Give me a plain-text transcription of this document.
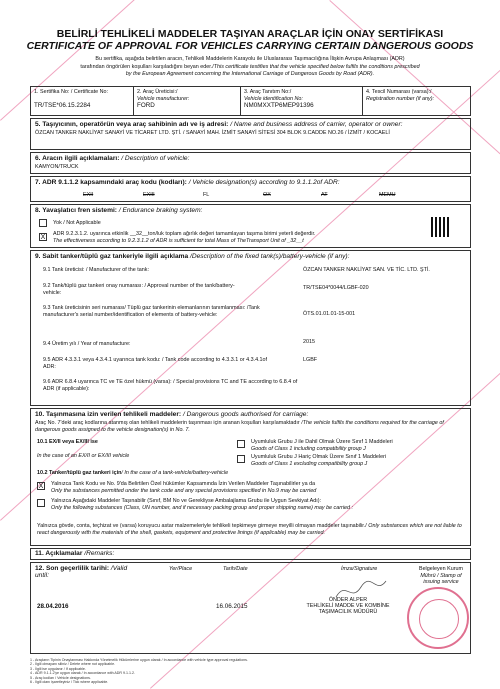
BELİRLİ TEHLİKELİ MADDELER TAŞIYAN ARAÇLAR İÇİN ONAY SERTİFİKASI
CERTIFICATE OF APPROVAL FOR VEHICLES CARRYING CERTAIN DANGEROUS GOODS
Bu sertifika, aşağıda belirtilen aracın, Tehlikeli Maddelerin Karayolu ile Uluslararası Taşımacılığına İlişkin Avrupa Anlaşması (ADR)
tarafından öngörülen koşulları karşıladığını beyan eder./This certificate testifies that the vehicle specified below fulfils the conditions prescribed
by the European Agreement concerning the International Carriage of Dangerous Goods by Road (ADR).
1. Sertifika No: / Certificate No:
TR/TSE*06.15.2284
2. Araç Üreticisi:/
Vehicle manufacturer:
FORD
3. Araç Tanıtım No:/
Vehicle identification No:
NM0MXXTP6MEP91396
4. Tescil Numarası (varsa):/
Registration number (if any):
5. Taşıyıcının, operatörün veya araç sahibinin adı ve iş adresi: / Name and business address of carrier, operator or owner:
ÖZCAN TANKER NAKLİYAT SANAYİ VE TİCARET LTD. ŞTİ. / SANAYİ MAH. İZMİT SANAYİ SİTESİ 304 BLOK 9.CADDE NO.26 / İZMİT / KOCAELİ
6. Aracın ilgili açıklamaları: / Description of vehicle:
KAMYON/TRUCK
7. ADR 9.1.1.2 kapsamındaki araç kodu (kodları): / Vehicle designation(s) according to 9.1.1.2of ADR:
EXII	EXIII	FL	OX	AT	MEMU
8. Yavaşlatıcı fren sistemi: / Endurance braking system:
Yok / Not Applicable
X	ADR 9.2.3.1.2. uyarınca etkinlik __32__ton/luk toplam ağırlık değeri tamamlayan taşıma birimi yeterli değerdir.
The effectiveness according to 9.2.3.1.2 of ADR is sufficient for total Mass of TheTransport Unit of _32__t
9. Sabit tanker/tüplü gaz tankeriyle ilgili açıklama /Description of the fixed tank(s)/battery-vehicle (if any):
9.1 Tank üreticisi: / Manufacturer of the tank:	ÖZCAN TANKER NAKLİYAT SAN. VE TİC. LTD. ŞTİ.
9.2 Tank/tüplü gaz tankeri onay numarası: / Approval number of the tank/battery-vehicle:
TR/TSE04*0044/LGBF-020
9.3 Tank üreticisinin seri numarası/ Tüplü gaz tankerinin elemanlarının tanımlanması: /Tank manufacturer's serial number/identification of elements of battery-vehicle:	ÖTS.01.01.01-15-001
9.4 Üretim yılı / Year of manufacture:	2015
9.5 ADR 4.3.3.1 veya 4.3.4.1 uyarınca tank kodu: / Tank code according to 4.3.3.1 or 4.3.4.1of ADR:
LGBF
9.6 ADR 6.8.4 uyarınca TC ve TE özel hükmü (varsa): / Special provisions TC and TE according to 6.8.4 of ADR (if applicable):
10. Taşınmasına izin verilen tehlikeli maddeler: / Dangerous goods authorised for carriage:
Araç No. 7'deki araç kodlarına atanmış olan tehlikeli maddelerin taşınması için aranan koşulları karşılamaktadır /The vehicle fulfils the conditions required for the carriage of dangerous goods assigned to the vehicle designation(s) in No. 7.
10.1 EX/II veya EX/III ise
In the case of an EX/II or EX/III vehicle
Uyumluluk Grubu J ile Dahil Olmak Üzere Sınıf 1 Maddeleri
Goods of Class 1 including compatibility group J
Uyumluluk Grubu J Hariç Olmak Üzere Sınıf 1 Maddeleri
Goods of Class 1 excluding compatibility group J
10.2 Tanker/tüplü gaz tankeri için/ In the case of a tank-vehicle/battery-vehicle
X	Yalnızca Tank Kodu ve No. 9'da Belirtilen Özel hükümler Kapsamında İzin Verilen Maddeler Taşınabilirler ya da
Only the substances permitted under the tank code and any special provisions specified in No.9 may be carried
Yalnızca Aşağıdaki Maddeler Taşınabilir (Sınıf, BM No ve Gerekliyse Ambalajlama Grubu ile Uygun Sevkiyat Adı):
Only the following substances (Class, UN number, and if necessary packing group and proper shipping name) may be carried :
Yalnızca gövde, conta, teçhizat ve (varsa) koruyucu astar malzemeleriyle tehlikeli tepkimeye girmeye meyilli olmayan maddeler taşınabilir./ Only substances which are not liable to react dangerously with the materials of the shell, gaskets, equipment and protective linings (if applicable) may be carried.
11. Açıklamalar /Remarks:
12. Son geçerlilik tarihi: /Valid
until:
Yer/Place	Tarih/Date	İmza/Signature	Belgeleyen Kurum
Mührü / Stamp of
issuing service
28.04.2016	16.06.2015
ÖNDER ALPER
TEHLİKELİ MADDE VE KOMBİNE
TAŞIMACILIK MÜDÜRÜ
1 - Araçların Tipinin Onaylanması Hakkında Yönetmelik Hükümlerine uygun olarak / In accordance with vehicle type approval regulations.
2 - İlgili olmayanı siliniz / Delete where not applicable.
3 - İlgili ise uygulanır / If applicable.
4 - ADR 9.1.1.2'ye uygun olarak / In accordance with ADR 9.1.1.2.
5 - Araç kodları / Vehicle designations.
6 - İlgili olanı işaretleyiniz / Tick where applicable.
